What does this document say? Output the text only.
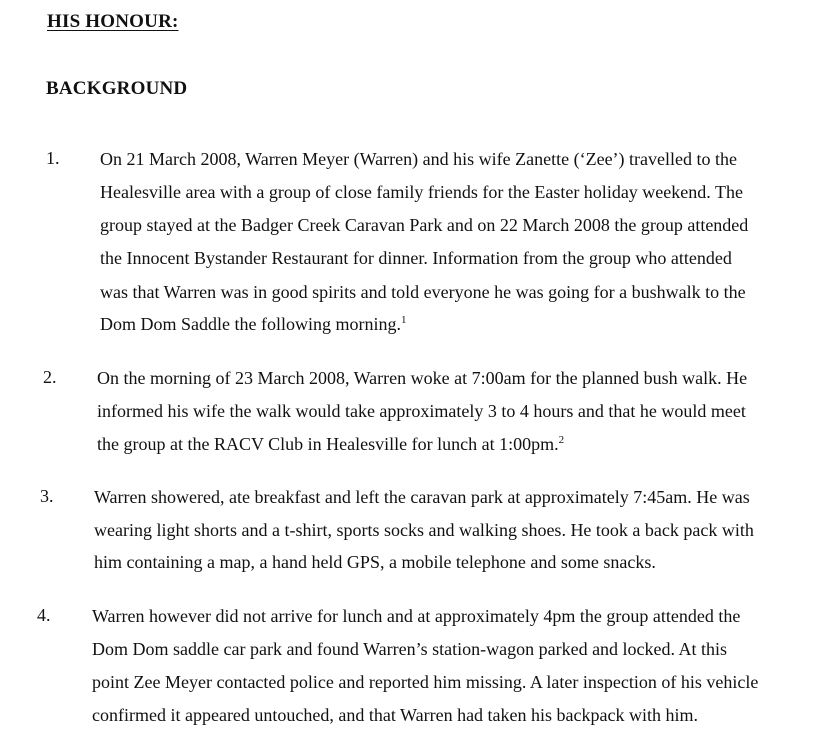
HIS HONOUR:
BACKGROUND
1. On 21 March 2008, Warren Meyer (Warren) and his wife Zanette (‘Zee’) travelled to the
Healesville area with a group of close family friends for the Easter holiday weekend. The
group stayed at the Badger Creek Caravan Park and on 22 March 2008 the group attended
the Innocent Bystander Restaurant for dinner. Information from the group who attended
was that Warren was in good spirits and told everyone he was going for a bushwalk to the
Dom Dom Saddle the following morning.$^1$
2. On the morning of 23 March 2008, Warren woke at 7:00am for the planned bush walk. He
informed his wife the walk would take approximately 3 to 4 hours and that he would meet
the group at the RACV Club in Healesville for lunch at 1:00pm.$^2$
3. Warren showered, ate breakfast and left the caravan park at approximately 7:45am. He was
wearing light shorts and a t-shirt, sports socks and walking shoes. He took a back pack with
him containing a map, a hand held GPS, a mobile telephone and some snacks.
4. Warren however did not arrive for lunch and at approximately 4pm the group attended the
Dom Dom saddle car park and found Warren’s station-wagon parked and locked. At this
point Zee Meyer contacted police and reported him missing. A later inspection of his vehicle
confirmed it appeared untouched, and that Warren had taken his backpack with him.
